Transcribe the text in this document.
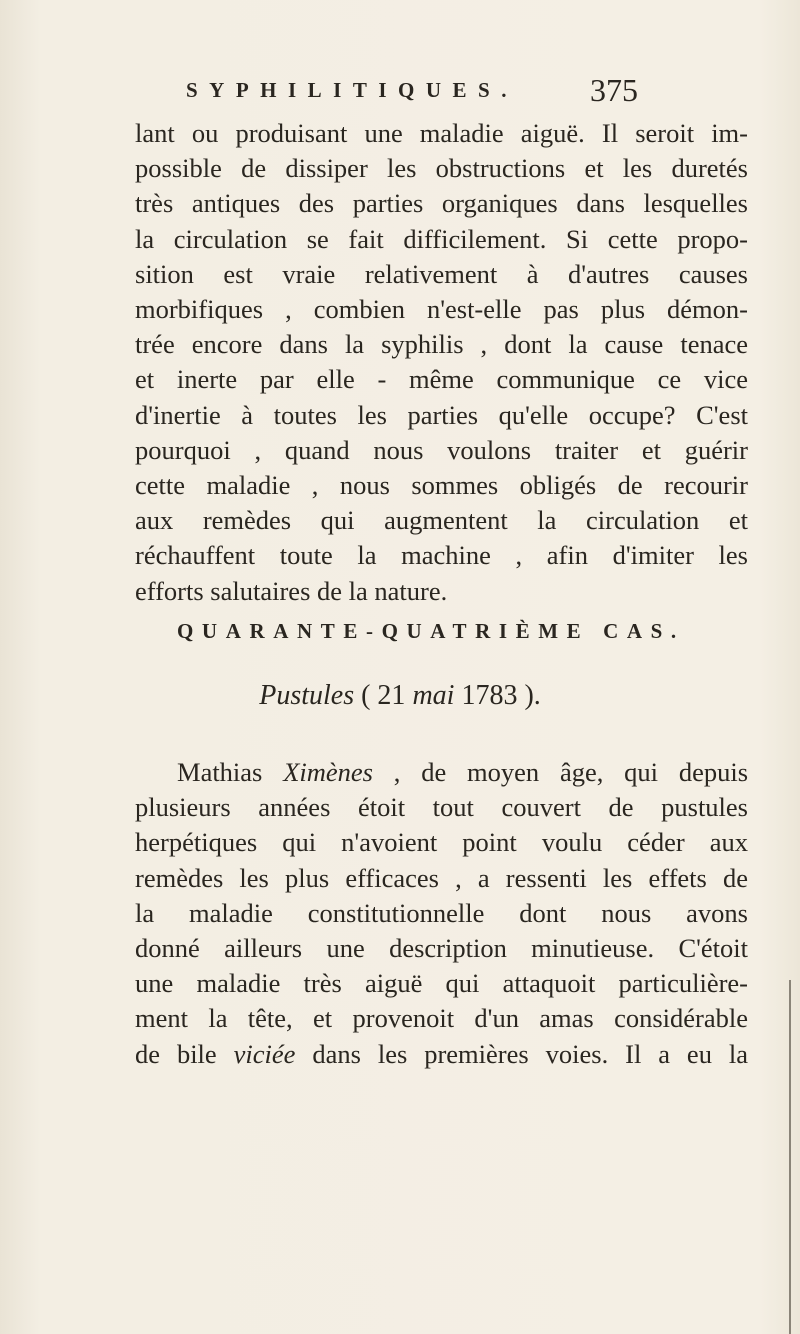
SYPHILITIQUES. 375
lant ou produisant une maladie aiguë. Il seroit im-
possible de dissiper les obstructions et les duretés
très antiques des parties organiques dans lesquelles
la circulation se fait difficilement. Si cette propo-
sition est vraie relativement à d'autres causes
morbifiques , combien n'est-elle pas plus démon-
trée encore dans la syphilis , dont la cause tenace
et inerte par elle - même communique ce vice
d'inertie à toutes les parties qu'elle occupe? C'est
pourquoi , quand nous voulons traiter et guérir
cette maladie , nous sommes obligés de recourir
aux remèdes qui augmentent la circulation et
réchauffent toute la machine , afin d'imiter les
efforts salutaires de la nature.
QUARANTE-QUATRIÈME CAS.
Pustules ( 21 mai 1783 ).
Mathias Ximènes , de moyen âge, qui depuis
plusieurs années étoit tout couvert de pustules
herpétiques qui n'avoient point voulu céder aux
remèdes les plus efficaces , a ressenti les effets de
la maladie constitutionnelle dont nous avons
donné ailleurs une description minutieuse. C'étoit
une maladie très aiguë qui attaquoit particulière-
ment la tête, et provenoit d'un amas considérable
de bile viciée dans les premières voies. Il a eu la
